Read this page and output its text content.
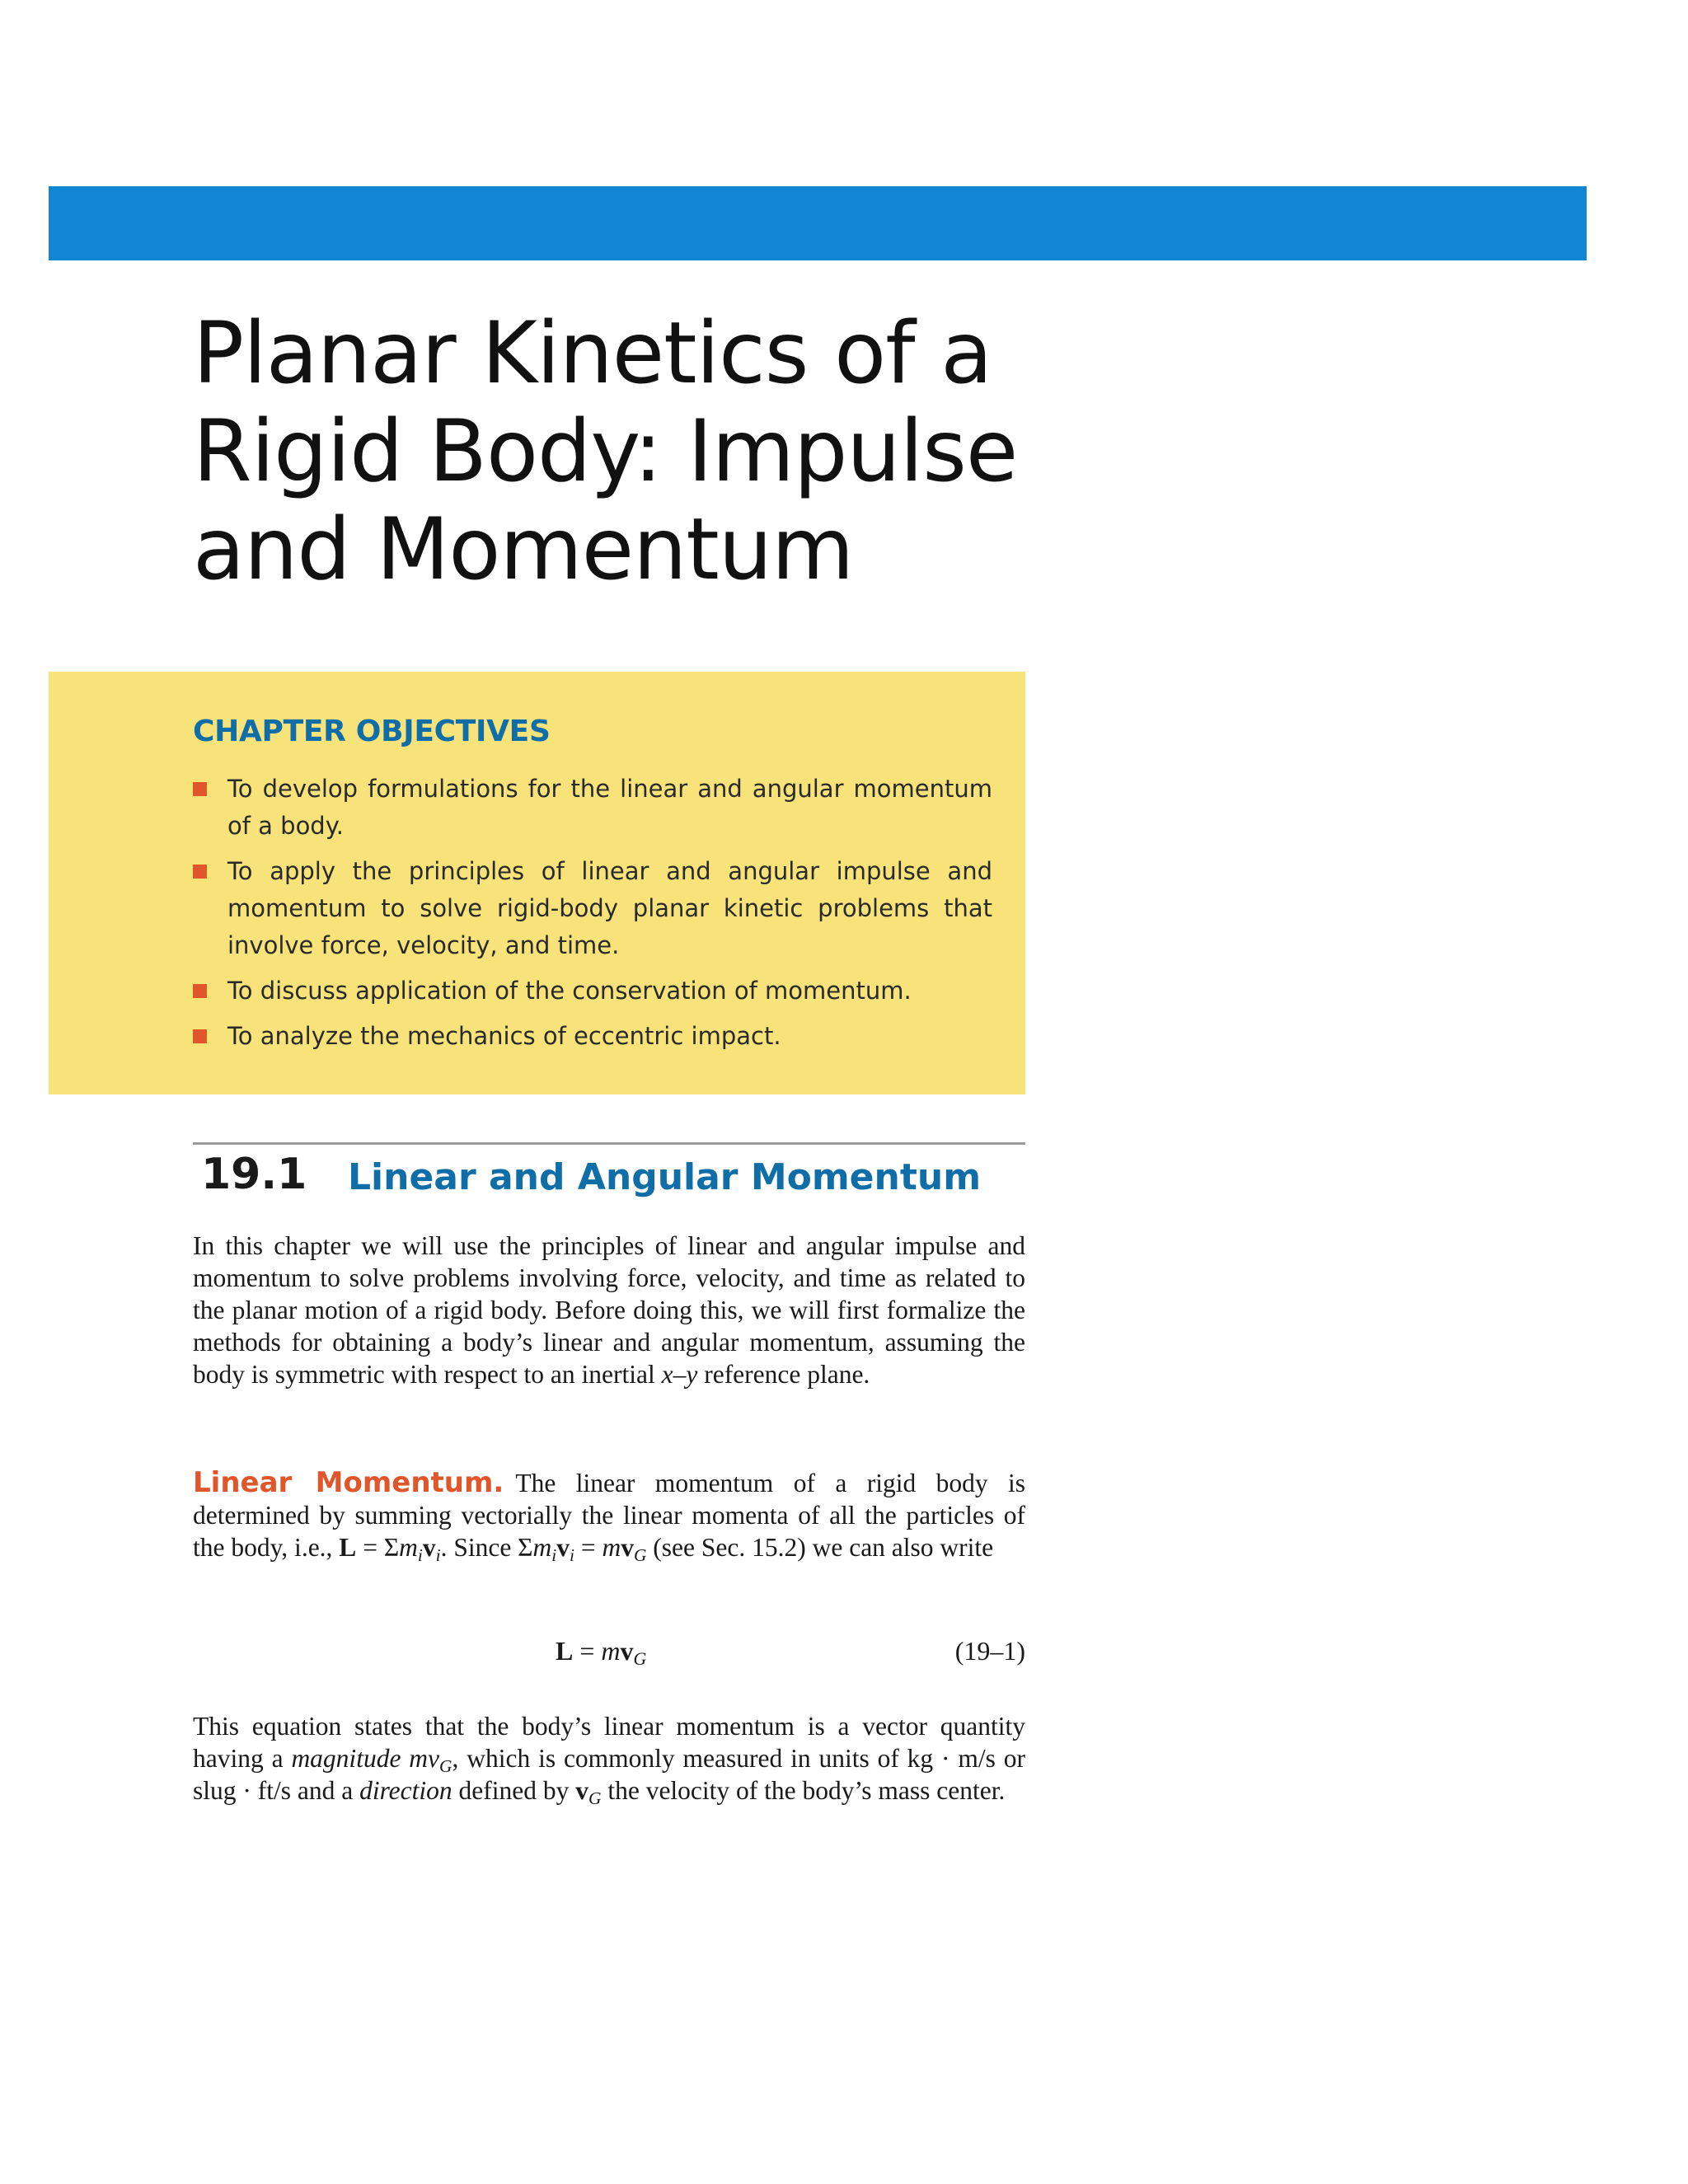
Planar Kinetics of a
Rigid Body: Impulse
and Momentum
CHAPTER OBJECTIVES
To develop formulations for the linear and angular momentum of a body.
To apply the principles of linear and angular impulse and momentum to solve rigid-body planar kinetic problems that involve force, velocity, and time.
To discuss application of the conservation of momentum.
To analyze the mechanics of eccentric impact.
19.1 Linear and Angular Momentum

In this chapter we will use the principles of linear and angular impulse and momentum to solve problems involving force, velocity, and time as related to the planar motion of a rigid body. Before doing this, we will first formalize the methods for obtaining a body’s linear and angular momentum, assuming the body is symmetric with respect to an inertial x–y reference plane.

Linear Momentum. The linear momentum of a rigid body is determined by summing vectorially the linear momenta of all the particles of the body, i.e., $L = \Sigma m_iv_i$. Since $\Sigma m_iv_i = mv_G$ (see Sec. 15.2) we can also write

$L = mv_G$	(19–1)

This equation states that the body’s linear momentum is a vector quantity having a magnitude $mv_G$, which is commonly measured in units of kg · m/s or slug · ft/s and a direction defined by $v_G$ the velocity of the body’s mass center.
